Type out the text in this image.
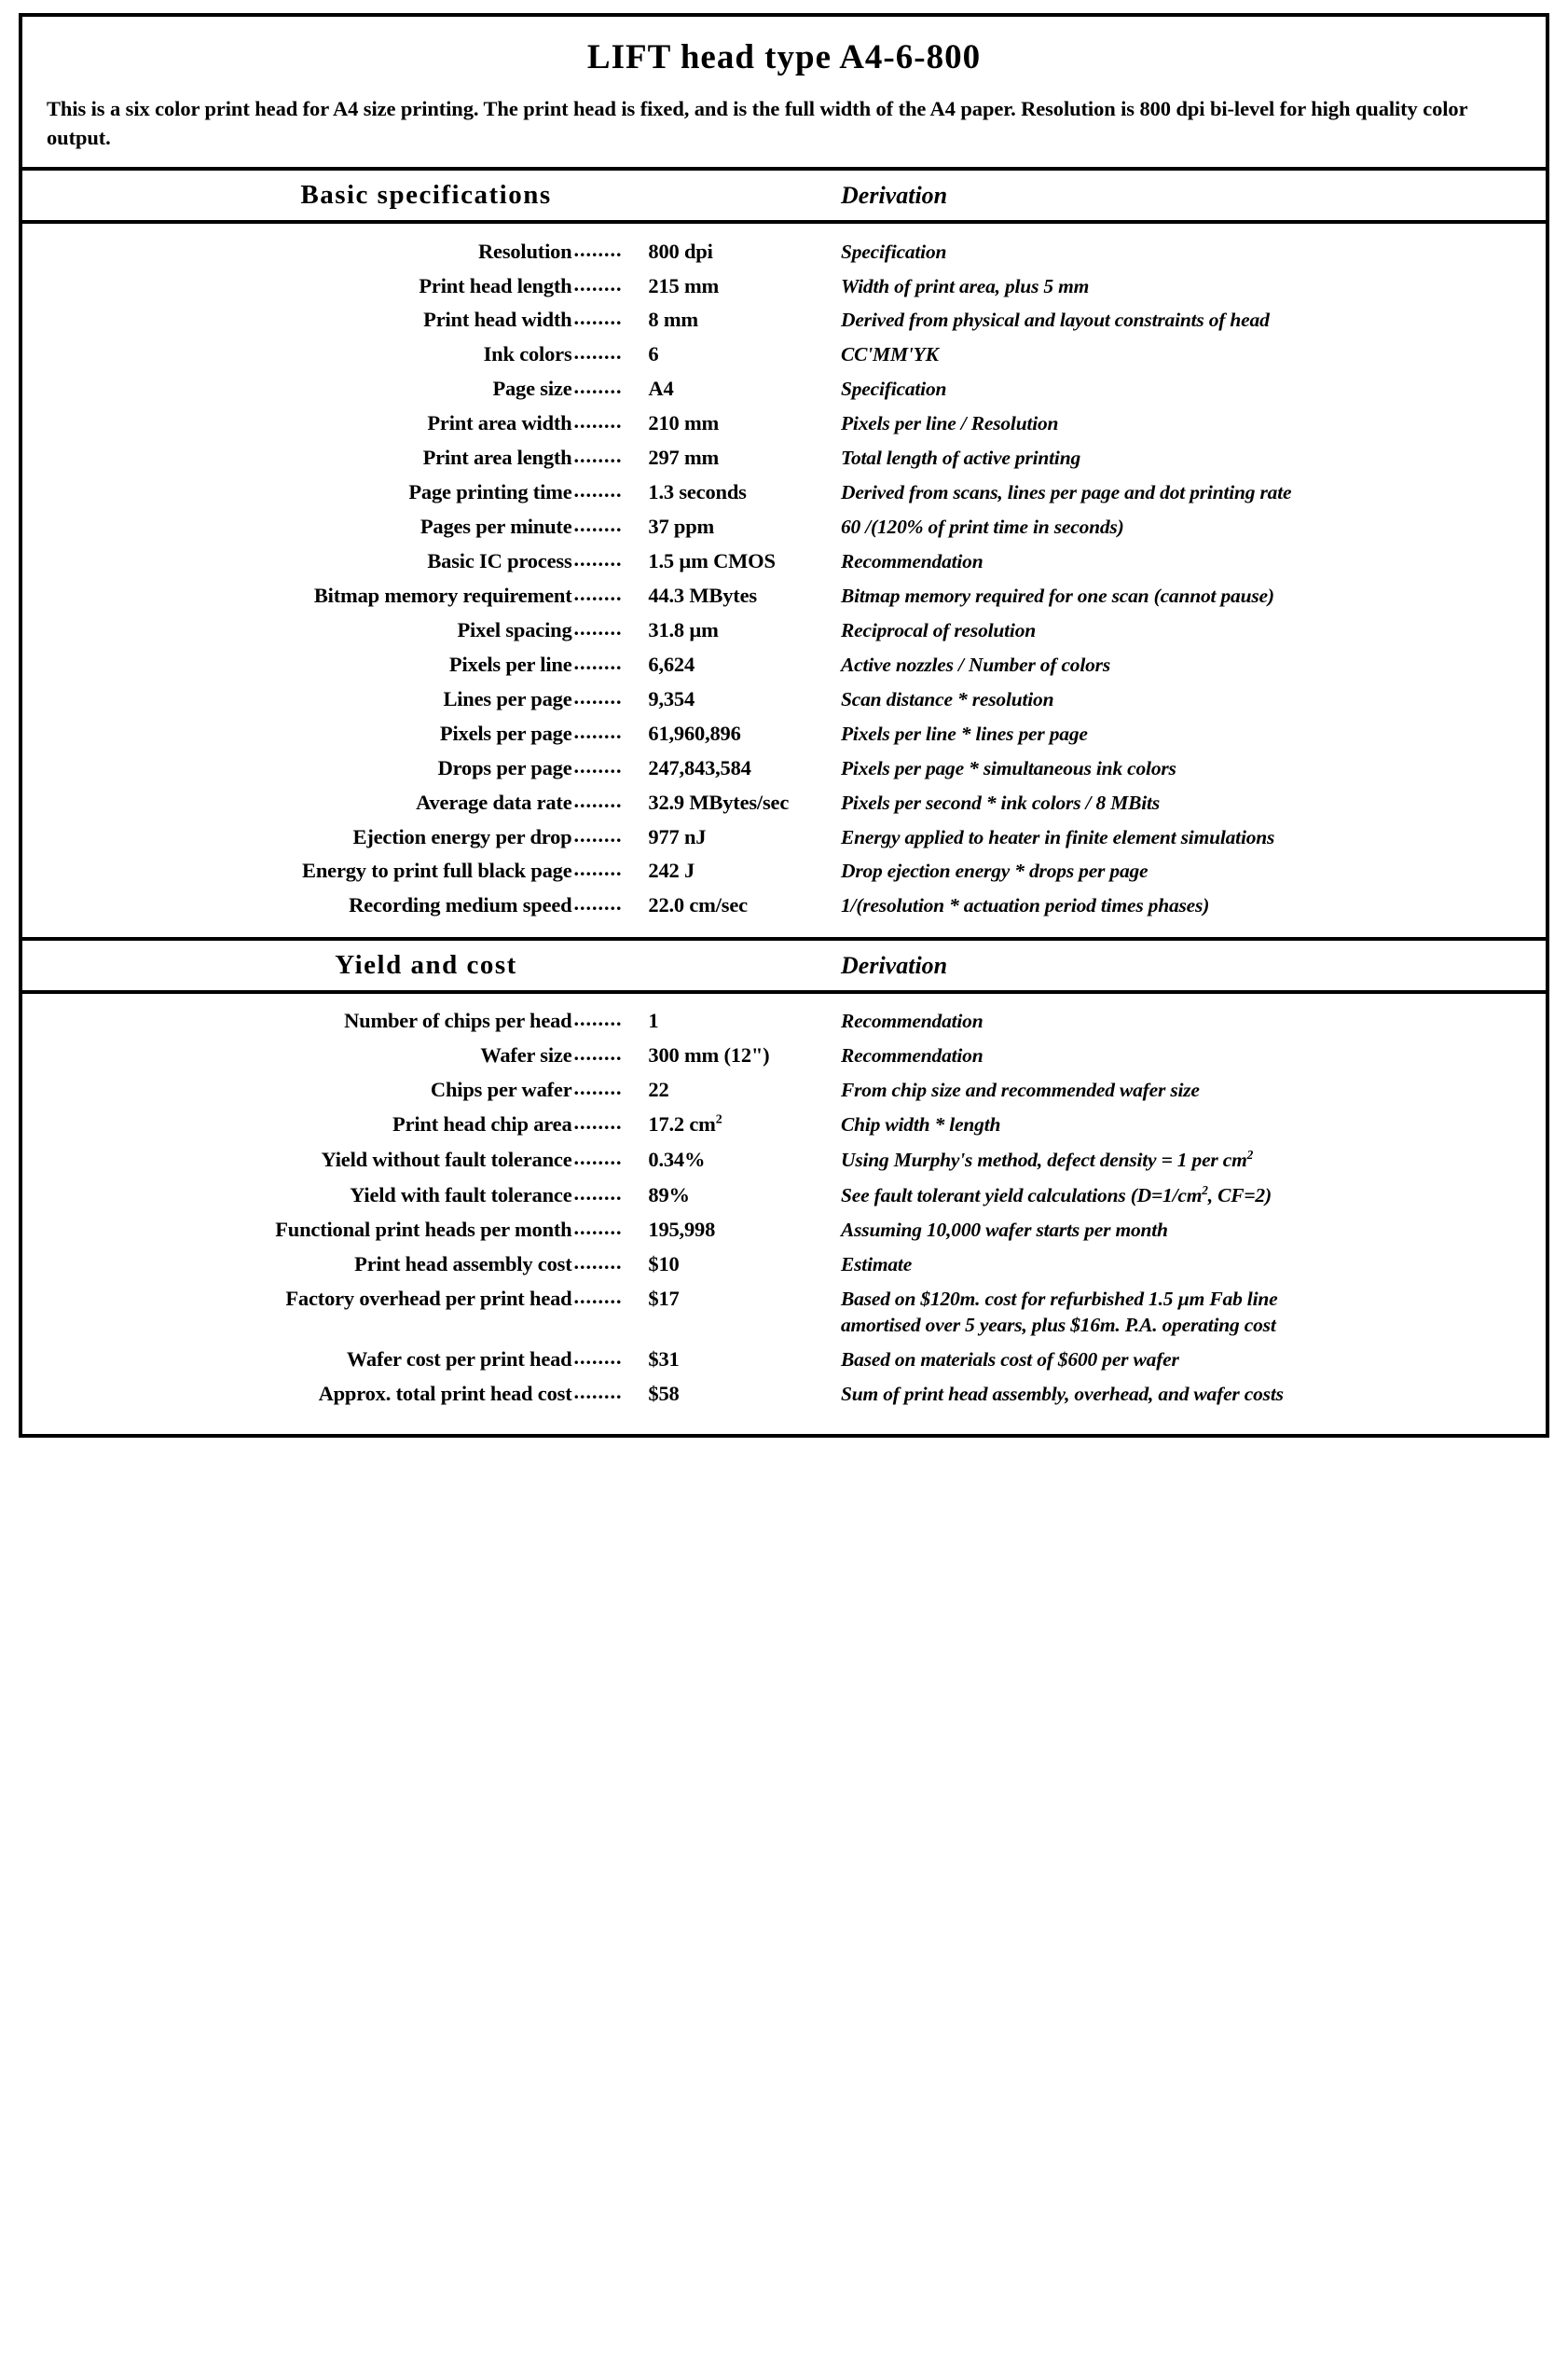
LIFT head type A4-6-800
This is a six color print head for A4 size printing. The print head is fixed, and is the full width of the A4 paper. Resolution is 800 dpi bi-level for high quality color output.
Basic specifications	Derivation
Resolution ........	800 dpi	Specification
Print head length ........	215 mm	Width of print area, plus 5 mm
Print head width ........	8 mm	Derived from physical and layout constraints of head
Ink colors ........	6	CC'MM'YK
Page size ........	A4	Specification
Print area width ........	210 mm	Pixels per line / Resolution
Print area length ........	297 mm	Total length of active printing
Page printing time ........	1.3 seconds	Derived from scans, lines per page and dot printing rate
Pages per minute ........	37 ppm	60 /(120% of print time in seconds)
Basic IC process ........	1.5 µm CMOS	Recommendation
Bitmap memory requirement ........	44.3 MBytes	Bitmap memory required for one scan (cannot pause)
Pixel spacing ........	31.8 µm	Reciprocal of resolution
Pixels per line ........	6,624	Active nozzles / Number of colors
Lines per page ........	9,354	Scan distance * resolution
Pixels per page ........	61,960,896	Pixels per line * lines per page
Drops per page ........	247,843,584	Pixels per page * simultaneous ink colors
Average data rate ........	32.9 MBytes/sec	Pixels per second * ink colors / 8 MBits
Ejection energy per drop ........	977 nJ	Energy applied to heater in finite element simulations
Energy to print full black page ........	242 J	Drop ejection energy * drops per page
Recording medium speed ........	22.0 cm/sec	1/(resolution * actuation period times phases)
Yield and cost	Derivation
Number of chips per head ........	1	Recommendation
Wafer size ........	300 mm (12")	Recommendation
Chips per wafer ........	22	From chip size and recommended wafer size
Print head chip area ........	17.2 $cm^2$	Chip width * length
Yield without fault tolerance ........	0.34%	Using Murphy's method, defect density = 1 per $cm^2$
Yield with fault tolerance ........	89%	See fault tolerant yield calculations ($D=1/cm^2$, CF=2)
Functional print heads per month ........	195,998	Assuming 10,000 wafer starts per month
Print head assembly cost ........	$10	Estimate
Factory overhead per print head ........	$17	Based on $120m. cost for refurbished 1.5 µm Fab line
amortised over 5 years, plus $16m. P.A. operating cost
Wafer cost per print head ........	$31	Based on materials cost of $600 per wafer
Approx. total print head cost ........	$58	Sum of print head assembly, overhead, and wafer costs
